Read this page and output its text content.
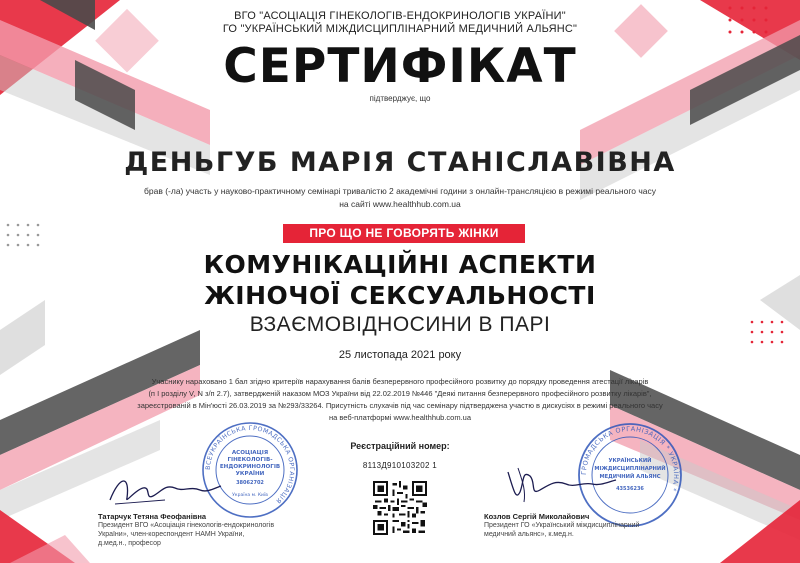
ВГО "АСОЦІАЦІЯ ГІНЕКОЛОГІВ-ЕНДОКРИНОЛОГІВ УКРАЇНИ"
ГО "УКРАЇНСЬКИЙ МІЖДИСЦИПЛІНАРНИЙ МЕДИЧНИЙ АЛЬЯНС"
СЕРТИФІКАТ
підтверджує, що
ДЕНЬГУБ МАРІЯ СТАНІСЛАВІВНА
брав (-ла) участь у науково-практичному семінарі тривалістю 2 академічні години з онлайн-трансляцією в режимі реального часу
на сайті www.healthhub.com.ua
ПРО ЩО НЕ ГОВОРЯТЬ ЖІНКИ
КОМУНІКАЦІЙНІ АСПЕКТИ
ЖІНОЧОЇ СЕКСУАЛЬНОСТІ
ВЗАЄМОВІДНОСИНИ В ПАРІ
25 листопада 2021 року
Учаснику нараховано 1 бал згідно критеріїв нарахування балів безперервного професійного розвитку до порядку проведення атестації лікарів
(п І розділу V, N з/п 2.7), затвердженій наказом МОЗ України від 22.02.2019 №446 "Деякі питання безперервного професійного розвитку лікарів",
зареєстрованій в Мін'юсті 26.03.2019 за №293/33264. Присутність слухачів під час семінару підтверджена участю в дискусіях в режимі реального часу
на веб-платформі www.healthhub.com.ua
Реєстраційний номер:
8113Д910103202 1
ВСЕУКРАЇНСЬКА ГРОМАДСЬКА ОРГАНІЗАЦІЯ
АСОЦІАЦІЯ
ГІНЕКОЛОГІВ-
ЕНДОКРИНОЛОГІВ
УКРАЇНИ
38062702
Україна м. Київ
Татарчук Тетяна Феофанівна
Президент ВГО «Асоціація гінекологів-ендокринологів
України», член-кореспондент НАМН України,
д.мед.н., професор
ГРОМАДСЬКА ОРГАНІЗАЦІЯ * УКРАЇНА *
УКРАЇНСЬКИЙ
МІЖДИСЦИПЛІНАРНИЙ
МЕДИЧНИЙ АЛЬЯНС
43536236
Козлов Сергій Миколайович
Президент ГО «Український міждисциплінарний
медичний альянс», к.мед.н.
